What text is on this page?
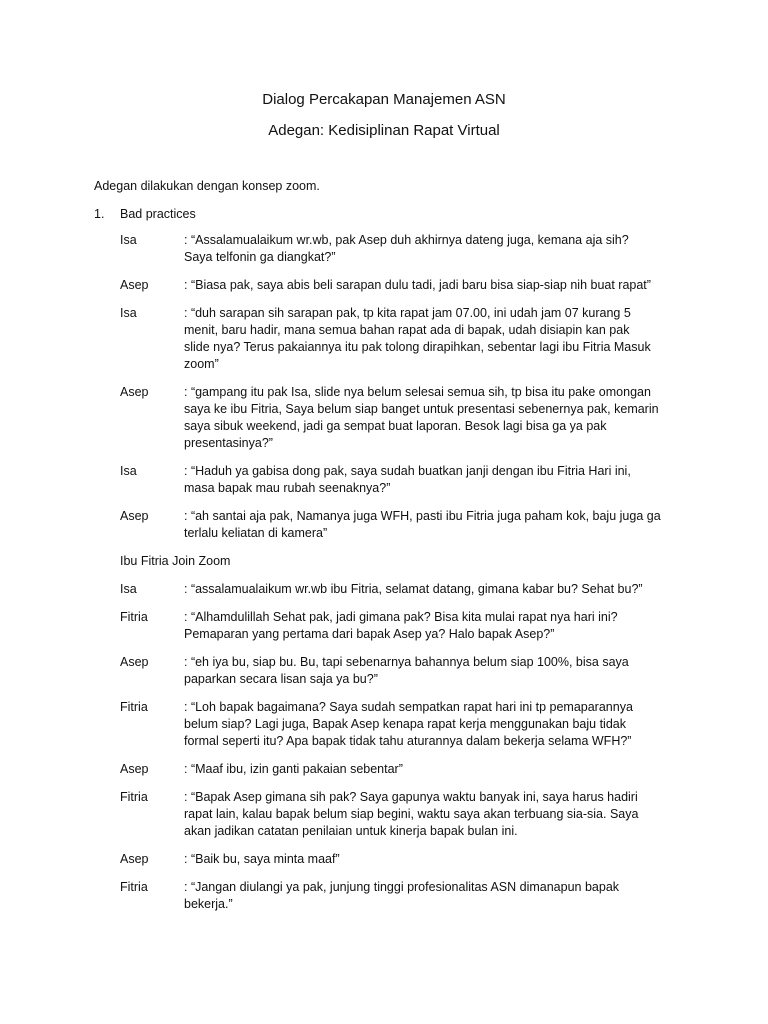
Dialog Percakapan Manajemen ASN
Adegan: Kedisiplinan Rapat Virtual
Adegan dilakukan dengan konsep zoom.
1. Bad practices
Isa	: “Assalamualaikum wr.wb, pak Asep duh akhirnya dateng juga, kemana aja sih?
Saya telfonin ga diangkat?”
Asep	: “Biasa pak, saya abis beli sarapan dulu tadi, jadi baru bisa siap-siap nih buat rapat”
Isa	: “duh sarapan sih sarapan pak, tp kita rapat jam 07.00, ini udah jam 07 kurang 5
menit, baru hadir, mana semua bahan rapat ada di bapak, udah disiapin kan pak
slide nya? Terus pakaiannya itu pak tolong dirapihkan, sebentar lagi ibu Fitria Masuk
zoom”
Asep	: “gampang itu pak Isa, slide nya belum selesai semua sih, tp bisa itu pake omongan
saya ke ibu Fitria, Saya belum siap banget untuk presentasi sebenernya pak, kemarin
saya sibuk weekend, jadi ga sempat buat laporan. Besok lagi bisa ga ya pak
presentasinya?”
Isa	: “Haduh ya gabisa dong pak, saya sudah buatkan janji dengan ibu Fitria Hari ini,
masa bapak mau rubah seenaknya?”
Asep	: “ah santai aja pak, Namanya juga WFH, pasti ibu Fitria juga paham kok, baju juga ga
terlalu keliatan di kamera”
Ibu Fitria Join Zoom
Isa	: “assalamualaikum wr.wb ibu Fitria, selamat datang, gimana kabar bu? Sehat bu?”
Fitria	: “Alhamdulillah Sehat pak, jadi gimana pak? Bisa kita mulai rapat nya hari ini?
Pemaparan yang pertama dari bapak Asep ya? Halo bapak Asep?”
Asep	: “eh iya bu, siap bu. Bu, tapi sebenarnya bahannya belum siap 100%, bisa saya
paparkan secara lisan saja ya bu?”
Fitria	: “Loh bapak bagaimana? Saya sudah sempatkan rapat hari ini tp pemaparannya
belum siap? Lagi juga, Bapak Asep kenapa rapat kerja menggunakan baju tidak
formal seperti itu? Apa bapak tidak tahu aturannya dalam bekerja selama WFH?”
Asep	: “Maaf ibu, izin ganti pakaian sebentar”
Fitria	: “Bapak Asep gimana sih pak? Saya gapunya waktu banyak ini, saya harus hadiri
rapat lain, kalau bapak belum siap begini, waktu saya akan terbuang sia-sia. Saya
akan jadikan catatan penilaian untuk kinerja bapak bulan ini.
Asep	: “Baik bu, saya minta maaf”
Fitria	: “Jangan diulangi ya pak, junjung tinggi profesionalitas ASN dimanapun bapak
bekerja.”
